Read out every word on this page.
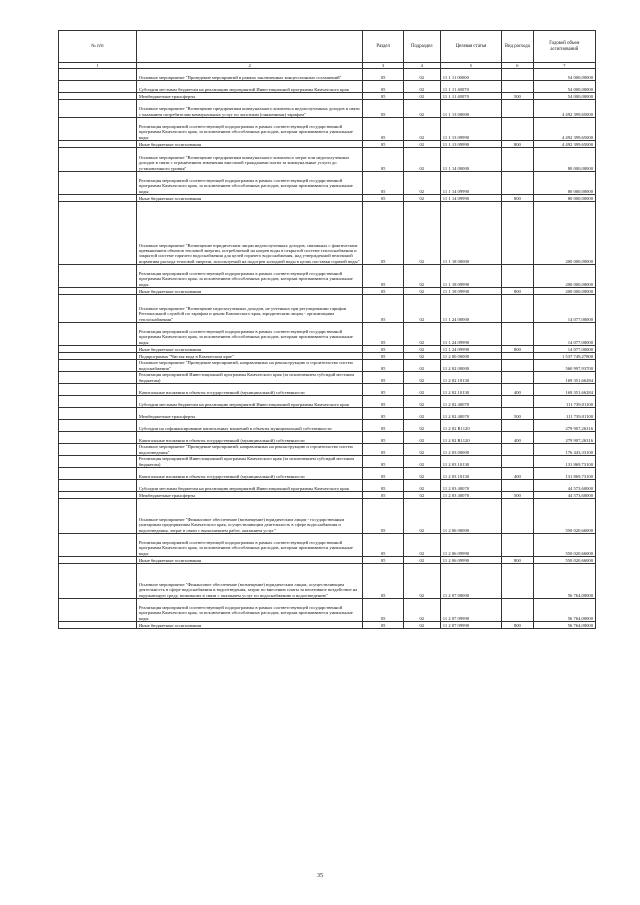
№ п/п		Раздел	Подраздел	Целевая статья	Вид расхода	Годовой объем ассигнований
1	2	3	4	5	6	7
	Основное мероприятие "Проведение мероприятий в рамках заключенных концессионных соглашений"	05	02	11 1 11 00000		54 000,00000
	Субсидии местным бюджетам на реализацию мероприятий Инвестиционной программы Камчатского края	05	02	11 1 11 40070		54 000,00000
	Межбюджетные трансферты	05	02	11 1 11 40070	500	54 000,00000
	Основное мероприятие "Возмещение предприятиям коммунального комплекса недополученных доходов в связи с оказанием потребителям коммунальных услуг по льготным (сниженным) тарифам"	05	02	11 1 13 00000		4 492 399,65000
	Реализация мероприятий соответствующей подпрограммы в рамках соответствующей государственной программы Камчатского края, за исключением обособленных расходов, которым присваиваются уникальные коды	05	02	11 1 13 09990		4 492 399,65000
	Иные бюджетные ассигнования	05	02	11 1 13 09990	800	4 492 399,65000
	Основное мероприятие "Возмещение предприятиям коммунального комплекса затрат или недополученных доходов в связи с ограничением изменения вносимой гражданами платы за коммунальные услуги до установленного уровня"	05	02	11 1 14 00000		80 000,00000
	Реализация мероприятий соответствующей подпрограммы в рамках соответствующей государственной программы Камчатского края, за исключением обособленных расходов, которым присваиваются уникальные коды	05	02	11 1 14 09990		80 000,00000
	Иные бюджетные ассигнования	05	02	11 1 14 09990	800	80 000,00000
	Основное мероприятие "Возмещение юридическим лицам недополученных доходов, связанных с фактическим превышением объемов тепловой энергии, потребляемой на нагрев воды в открытой системе теплоснабжения и закрытой системе горячего водоснабжения для целей горячего водоснабжения, над утвержденной величиной норматива расхода тепловой энергии, используемой на подогрев холодной воды в целях поставки горячей воды"	05	02	11 1 18 00000		200 000,00000
	Реализация мероприятий соответствующей подпрограммы в рамках соответствующей государственной программы Камчатского края, за исключением обособленных расходов, которым присваиваются уникальные коды	05	02	11 1 18 09990		200 000,00000
	Иные бюджетные ассигнования	05	02	11 1 18 09990	800	200 000,00000
	Основное мероприятие "Возмещение недополученных доходов, не учтенных при регулировании тарифов Региональной службой по тарифам и ценам Камчатского края, юридическим лицам - организациям теплоснабжения"	05	02	11 1 24 00000		14 077,00000
	Реализация мероприятий соответствующей подпрограммы в рамках соответствующей государственной программы Камчатского края, за исключением обособленных расходов, которым присваиваются уникальные коды	05	02	11 1 24 09990		14 077,00000
	Иные бюджетные ассигнования	05	02	11 1 24 09990	800	14 077,00000
	Подпрограмма "Чистая вода в Камчатском крае"	05	02	11 2 00 00000		1 537 749,27800
	Основное мероприятие "Проведение мероприятий, направленных на реконструкцию и строительство систем водоснабжения"	05	02	11 2 02 00000		560 997,93700
	Реализация мероприятий Инвестиционной программы Камчатского края (за исключением субсидий местным бюджетам)	05	02	11 2 02 10130		169 351,66284
	Капитальные вложения в объекты государственной (муниципальной) собственности	05	02	11 2 02 10130	400	169 351,66284
	Субсидии местным бюджетам на реализацию мероприятий Инвестиционной программы Камчатского края	05	02	11 2 02 40070		111 739,01100
	Межбюджетные трансферты	05	02	11 2 02 40070	500	111 739,01100
	Субсидии на софинансирование капитальных вложений в объекты муниципальной собственности	05	02	11 2 02 R1120		279 907,26316
	Капитальные вложения в объекты государственной (муниципальной) собственности	05	02	11 2 02 R1120	400	279 907,26316
	Основное мероприятие "Проведение мероприятий, направленных на реконструкцию и строительство систем водоотведения"	05	02	11 2 03 00000		176 443,33100
	Реализация мероприятий Инвестиционной программы Камчатского края (за исключением субсидий местным бюджетам)	05	02	11 2 03 10130		131 869,73100
	Капитальные вложения в объекты государственной (муниципальной) собственности	05	02	11 2 03 10130	400	131 869,73100
	Субсидии местным бюджетам на реализацию мероприятий Инвестиционной программы Камчатского края	05	02	11 2 03 40070		44 573,60000
	Межбюджетные трансферты	05	02	11 2 03 40070	500	44 573,60000
	Основное мероприятие "Финансовое обеспечение (возмещение) юридическим лицам - государственным унитарным предприятиям Камчатского края, осуществляющим деятельность в сфере водоснабжения и водоотведения, затрат в связи с выполнением работ, оказанием услуг"	05	02	11 2 06 00000		550 020,66000
	Реализация мероприятий соответствующей подпрограммы в рамках соответствующей государственной программы Камчатского края, за исключением обособленных расходов, которым присваиваются уникальные коды	05	02	11 2 06 09990		550 020,66000
	Иные бюджетные ассигнования	05	02	11 2 06 09990	800	550 020,66000
	Основное мероприятие "Финансовое обеспечение (возмещение) юридическим лицам, осуществляющим деятельность в сфере водоснабжения и водоотведения, затрат по внесению платы за негативное воздействие на окружающую среду, возникших в связи с оказанием услуг по водоснабжению и водоотведению"	05	02	11 2 07 00000		56 764,00000
	Реализация мероприятий соответствующей подпрограммы в рамках соответствующей государственной программы Камчатского края, за исключением обособленных расходов, которым присваиваются уникальные коды	05	02	11 2 07 09990		56 764,00000
	Иные бюджетные ассигнования	05	02	11 2 07 09990	800	56 764,00000
35
